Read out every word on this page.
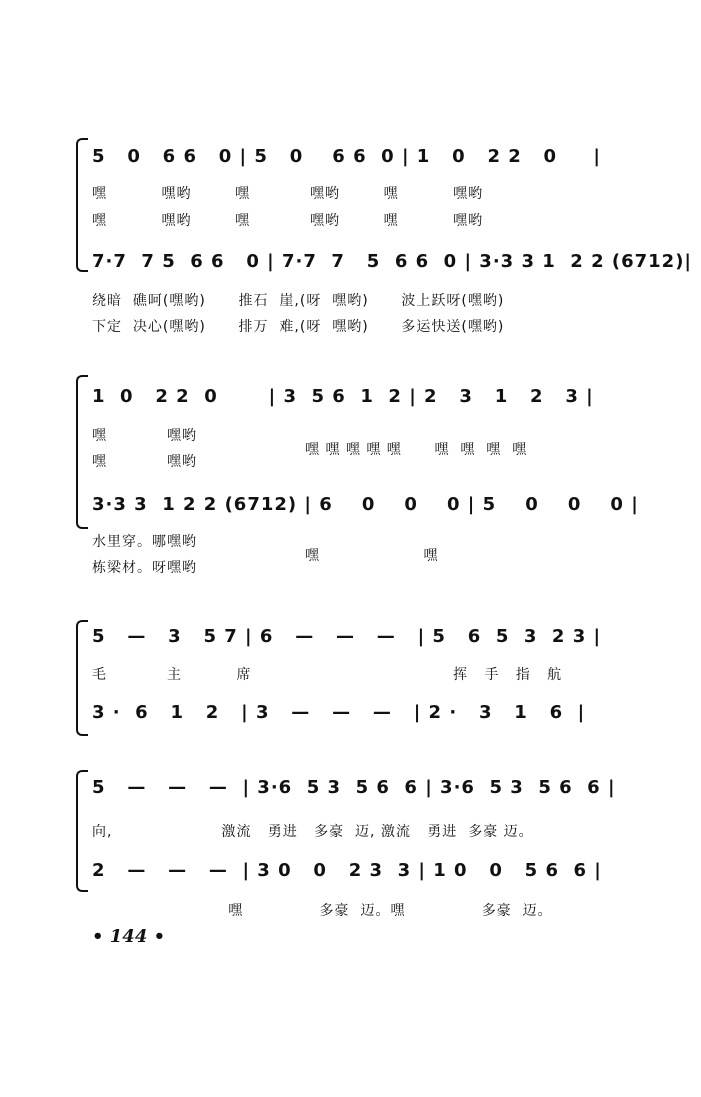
5   0   6 6   0 | 5   0    6 6  0 | 1   0   2 2   0     |
嘿          嘿哟        嘿           嘿哟        嘿          嘿哟
嘿          嘿哟        嘿           嘿哟        嘿          嘿哟
7·7  7 5  6 6   0 | 7·7  7   5  6 6  0 | 3·3 3 1  2 2 (6712)|
绕暗  礁呵(嘿哟)      推石  崖,(呀  嘿哟)      波上跃呀(嘿哟)
下定  决心(嘿哟)      排万  难,(呀  嘿哟)      多运快送(嘿哟)
1  0   2 2  0       | 3  5 6  1  2 | 2   3   1   2   3 |
嘿           嘿哟
嘿           嘿哟
嘿 嘿 嘿 嘿 嘿      嘿  嘿  嘿  嘿
3·3 3  1 2 2 (6712) | 6    0    0    0 | 5    0    0    0 |
水里穿。哪嘿哟
栋梁材。呀嘿哟
嘿                   嘿
5   —   3   5 7 | 6   —   —   —   | 5   6  5  3  2 3 |
毛           主          席                                     挥   手   指   航
3 ·  6   1   2   | 3   —   —   —   | 2 ·   3   1   6  |
5   —   —   —  | 3·6  5 3  5 6  6 | 3·6  5 3  5 6  6 |
向,                    激流   勇进   多豪  迈, 激流   勇进  多豪 迈。
2   —   —   —  | 3 0   0   2 3  3 | 1 0   0   5 6  6 |
嘿              多豪  迈。嘿              多豪  迈。
• 144 •
